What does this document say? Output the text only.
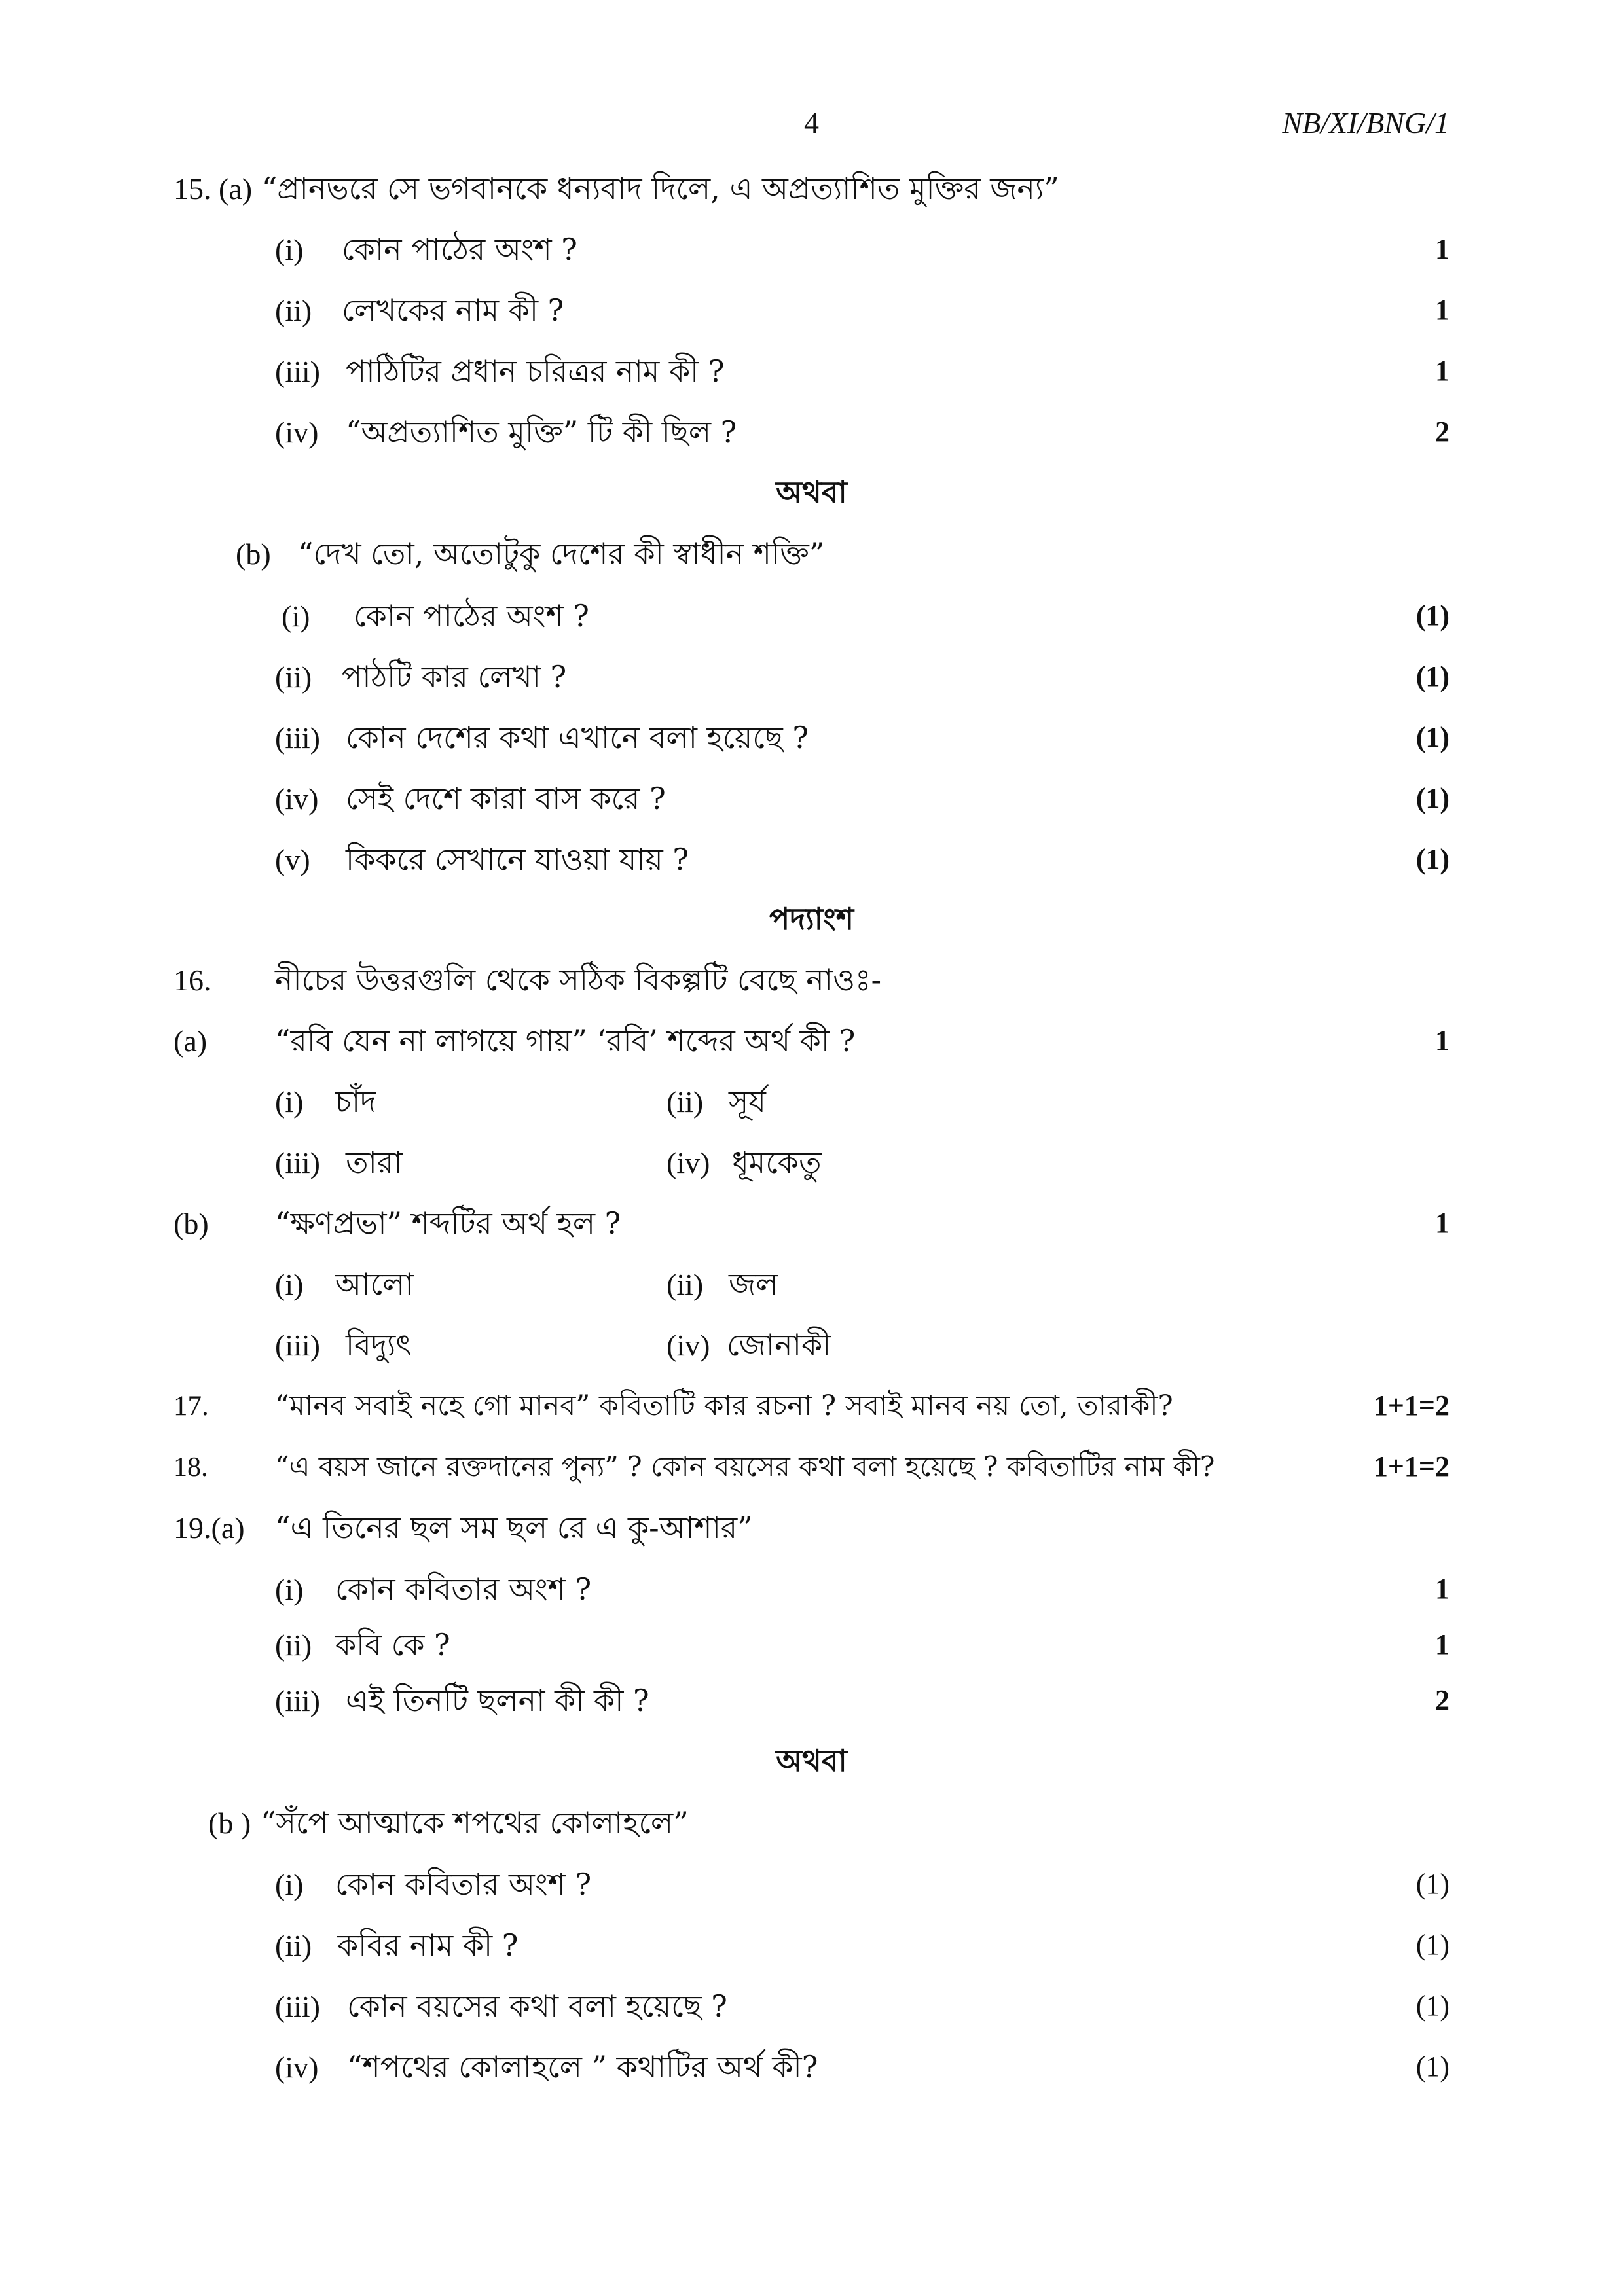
4	NB/XI/BNG/1
15. (a) “প্রানভরে সে ভগবানকে ধন্যবাদ দিলে, এ অপ্রত্যাশিত মুক্তির জন্য”
(i) কোন পাঠের অংশ ?	1
(ii) লেখকের নাম কী ?	1
(iii) পাঠিটির প্রধান চরিত্রর নাম কী ?	1
(iv) “অপ্রত্যাশিত মুক্তি” টি কী ছিল ?	2
অথবা
(b) “দেখ তো, অতোটুকু দেশের কী স্বাধীন শক্তি”
(i) কোন পাঠের অংশ ?	(1)
(ii) পাঠটি কার লেখা ?	(1)
(iii) কোন দেশের কথা এখানে বলা হয়েছে ?	(1)
(iv) সেই দেশে কারা বাস করে ?	(1)
(v) কিকরে সেখানে যাওয়া যায় ?	(1)
পদ্যাংশ
16. নীচের উত্তরগুলি থেকে সঠিক বিকল্পটি বেছে নাওঃ-
(a) “রবি যেন না লাগয়ে গায়” ‘রবি’ শব্দের অর্থ কী ?	1
(i) চাঁদ	(ii) সূর্য
(iii) তারা	(iv) ধূমকেতু
(b) “ক্ষণপ্রভা” শব্দটির অর্থ হল ?	1
(i) আলো	(ii) জল
(iii) বিদ্যুৎ	(iv) জোনাকী
17. “মানব সবাই নহে গো মানব” কবিতাটি কার রচনা ? সবাই মানব নয় তো, তারাকী?	1+1=2
18. “এ বয়স জানে রক্তদানের পুন্য” ? কোন বয়সের কথা বলা হয়েছে ? কবিতাটির নাম কী?	1+1=2
19.(a) “এ তিনের ছল সম ছল রে এ কু-আশার”
(i) কোন কবিতার অংশ ?	1
(ii) কবি কে ?	1
(iii) এই তিনটি ছলনা কী কী ?	2
অথবা
(b ) “সঁপে আত্মাকে শপথের কোলাহলে”
(i) কোন কবিতার অংশ ?	(1)
(ii) কবির নাম কী ?	(1)
(iii) কোন বয়সের কথা বলা হয়েছে ?	(1)
(iv) “শপথের কোলাহলে ” কথাটির অর্থ কী?	(1)
